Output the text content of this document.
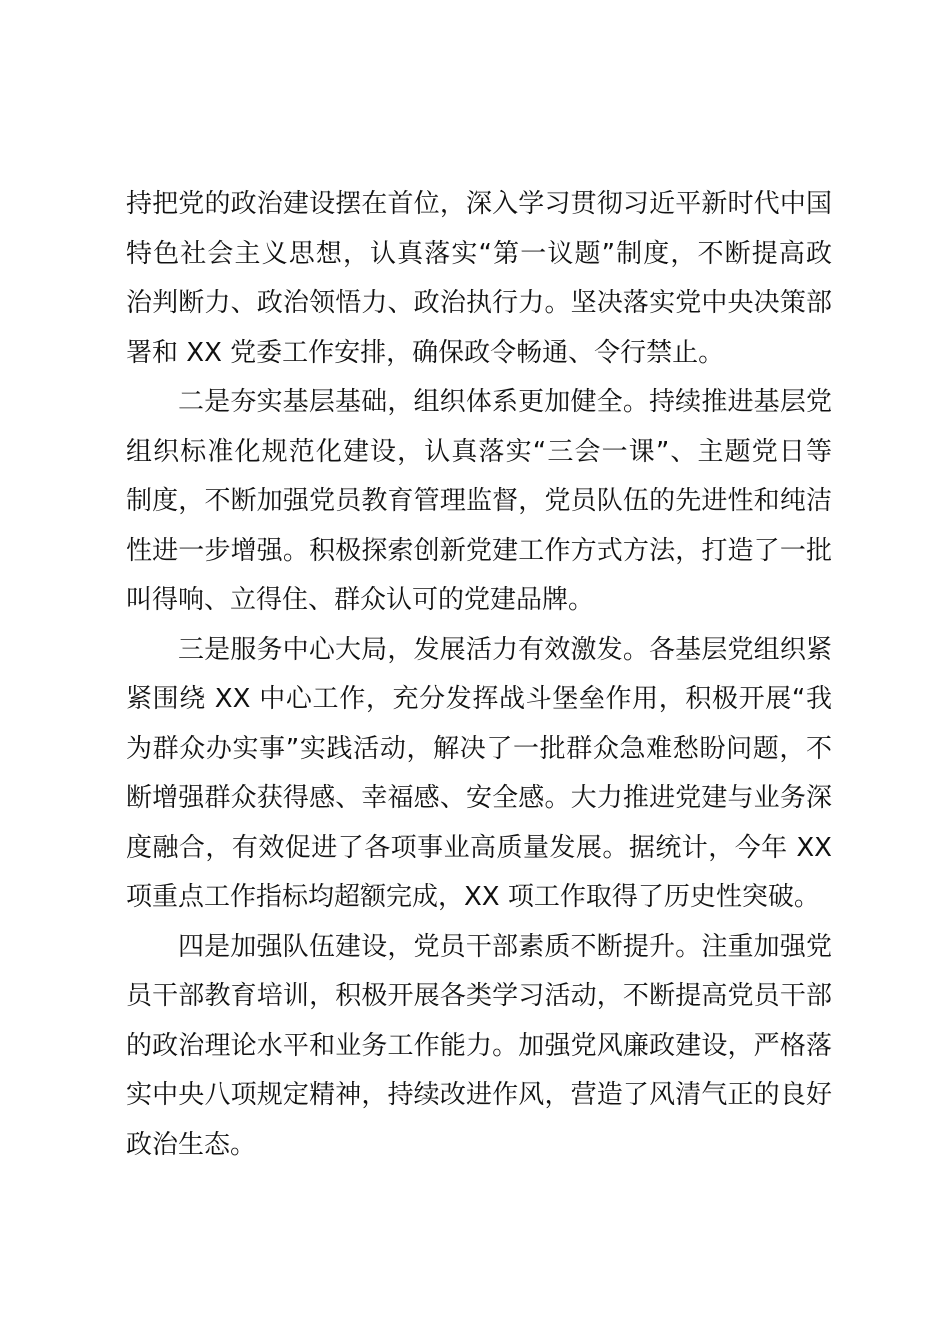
持把党的政治建设摆在首位，深入学习贯彻习近平新时代中国
特色社会主义思想，认真落实“第一议题”制度，不断提高政
治判断力、政治领悟力、政治执行力。坚决落实党中央决策部
署和 XX 党委工作安排，确保政令畅通、令行禁止。
二是夯实基层基础，组织体系更加健全。持续推进基层党
组织标准化规范化建设，认真落实“三会一课”、主题党日等
制度，不断加强党员教育管理监督，党员队伍的先进性和纯洁
性进一步增强。积极探索创新党建工作方式方法，打造了一批
叫得响、立得住、群众认可的党建品牌。
三是服务中心大局，发展活力有效激发。各基层党组织紧
紧围绕 XX 中心工作，充分发挥战斗堡垒作用，积极开展“我
为群众办实事”实践活动，解决了一批群众急难愁盼问题，不
断增强群众获得感、幸福感、安全感。大力推进党建与业务深
度融合，有效促进了各项事业高质量发展。据统计，今年 XX
项重点工作指标均超额完成，XX 项工作取得了历史性突破。
四是加强队伍建设，党员干部素质不断提升。注重加强党
员干部教育培训，积极开展各类学习活动，不断提高党员干部
的政治理论水平和业务工作能力。加强党风廉政建设，严格落
实中央八项规定精神，持续改进作风，营造了风清气正的良好
政治生态。
